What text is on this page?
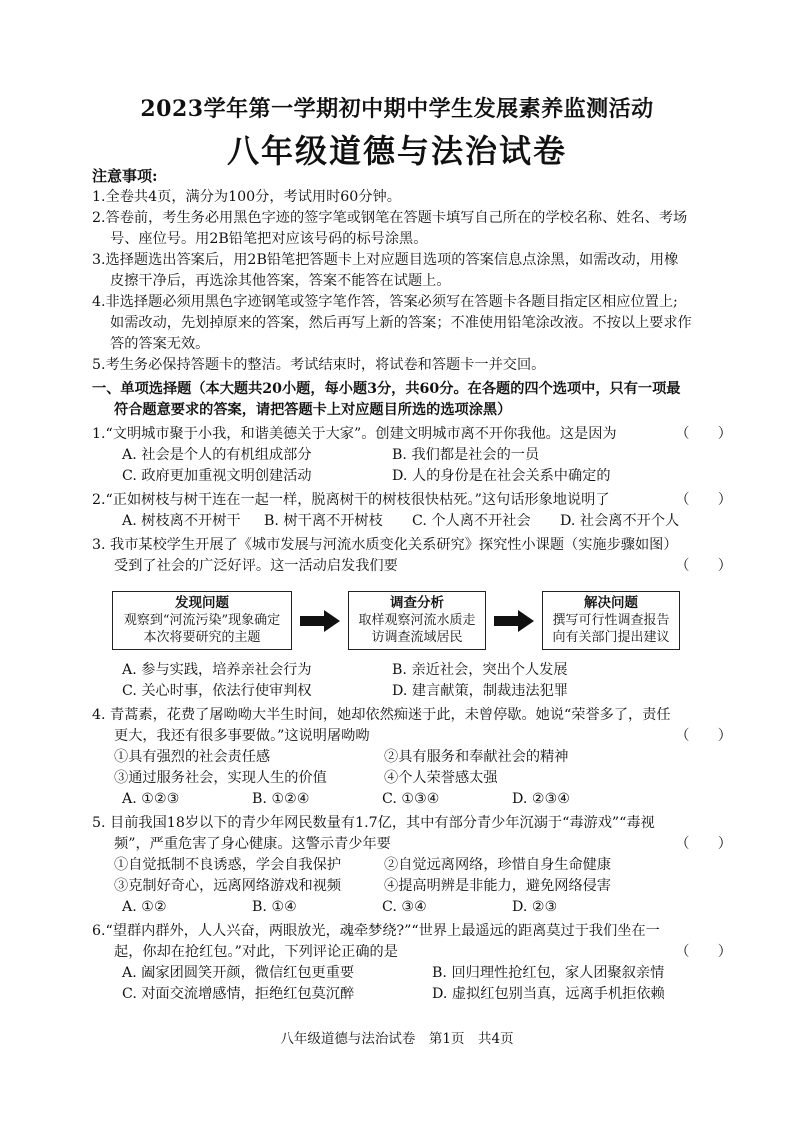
2023学年第一学期初中期中学生发展素养监测活动
八年级道德与法治试卷
注意事项:

1.全卷共4页，满分为100分，考试用时60分钟。

2.答卷前，考生务必用黑色字迹的签字笔或钢笔在答题卡填写自己所在的学校名称、姓名、考场

号、座位号。用2B铅笔把对应该号码的标号涂黑。

3.选择题选出答案后，用2B铅笔把答题卡上对应题目选项的答案信息点涂黑，如需改动，用橡

皮擦干净后，再选涂其他答案，答案不能答在试题上。

4.非选择题必须用黑色字迹钢笔或签字笔作答，答案必须写在答题卡各题目指定区相应位置上;

如需改动，先划掉原来的答案，然后再写上新的答案；不准使用铅笔涂改液。不按以上要求作

答的答案无效。

5.考生务必保持答题卡的整洁。考试结束时，将试卷和答题卡一并交回。

一、单项选择题（本大题共20小题，每小题3分，共60分。在各题的四个选项中，只有一项最
符合题意要求的答案，请把答题卡上对应题目所选的选项涂黑）
1.“文明城市聚于小我，和谐美德关于大家”。创建文明城市离不开你我他。这是因为	（　　）
A. 社会是个人的有机组成部分	B. 我们都是社会的一员
C. 政府更加重视文明创建活动	D. 人的身份是在社会关系中确定的
2.“正如树枝与树干连在一起一样，脱离树干的树枝很快枯死。”这句话形象地说明了	（　　）
A. 树枝离不开树干	B. 树干离不开树枝	C. 个人离不开社会	D. 社会离不开个人
3. 我市某校学生开展了《城市发展与河流水质变化关系研究》探究性小课题（实施步骤如图）
受到了社会的广泛好评。这一活动启发我们要	（　　）
发现问题
观察到“河流污染”现象确定
本次将要研究的主题
调查分析
取样观察河流水质走
访调查流域居民
解决问题
撰写可行性调查报告
向有关部门提出建议
A. 参与实践，培养亲社会行为	B. 亲近社会，突出个人发展
C. 关心时事，依法行使审判权	D. 建言献策，制裁违法犯罪
4. 青蒿素，花费了屠呦呦大半生时间，她却依然痴迷于此，未曾停歇。她说“荣誉多了，责任
更大，我还有很多事要做。”这说明屠呦呦	（　　）
①具有强烈的社会责任感	②具有服务和奉献社会的精神
③通过服务社会，实现人生的价值	④个人荣誉感太强
A. ①②③	B. ①②④	C. ①③④	D. ②③④
5. 目前我国18岁以下的青少年网民数量有1.7亿，其中有部分青少年沉溺于“毒游戏”“毒视
频”，严重危害了身心健康。这警示青少年要	（　　）
①自觉抵制不良诱惑，学会自我保护	②自觉远离网络，珍惜自身生命健康
③克制好奇心，远离网络游戏和视频	④提高明辨是非能力，避免网络侵害
A. ①②	B. ①④	C. ③④	D. ②③
6.“望群内群外，人人兴奋，两眼放光，魂牵梦绕?”“世界上最遥远的距离莫过于我们坐在一
起，你却在抢红包。”对此，下列评论正确的是	（　　）
A. 阖家团圆笑开颜，微信红包更重要	B. 回归理性抢红包，家人团聚叙亲情
C. 对面交流增感情，拒绝红包莫沉醉	D. 虚拟红包别当真，远离手机拒依赖
八年级道德与法治试卷　第1页　共4页
